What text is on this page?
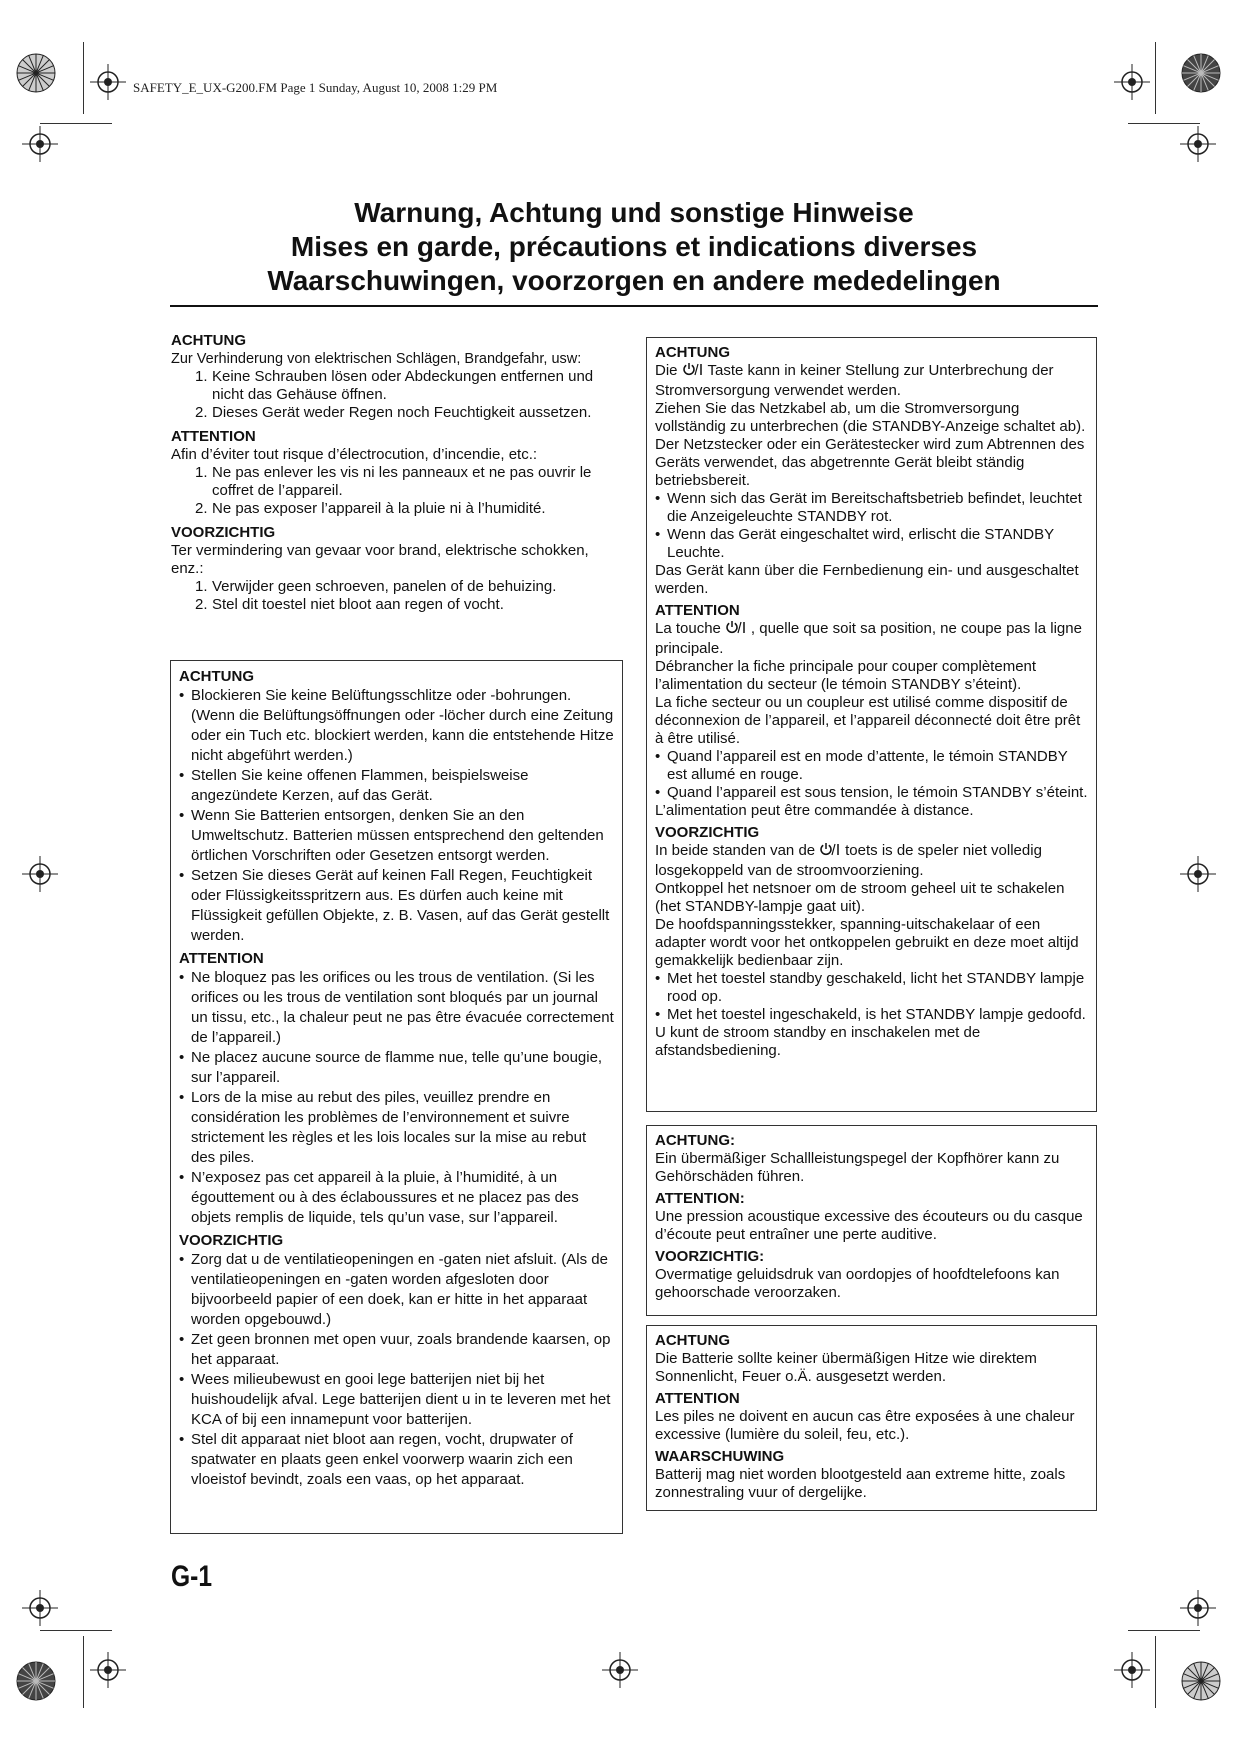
SAFETY_E_UX-G200.FM Page 1 Sunday, August 10, 2008 1:29 PM
Warnung, Achtung und sonstige Hinweise
Mises en garde, précautions et indications diverses
Waarschuwingen, voorzorgen en andere mededelingen

ACHTUNG

Zur Verhinderung von elektrischen Schlägen, Brandgefahr, usw:

1. Keine Schrauben lösen oder Abdeckungen entfernen und nicht das Gehäuse öffnen.

2. Dieses Gerät weder Regen noch Feuchtigkeit aussetzen.

ATTENTION

Afin d’éviter tout risque d’électrocution, d’incendie, etc.:

1. Ne pas enlever les vis ni les panneaux et ne pas ouvrir le coffret de l’appareil.

2. Ne pas exposer l’appareil à la pluie ni à l’humidité.

VOORZICHTIG

Ter vermindering van gevaar voor brand, elektrische schokken, enz.:

1. Verwijder geen schroeven, panelen of de behuizing.

2. Stel dit toestel niet bloot aan regen of vocht.

ACHTUNG

• Blockieren Sie keine Belüftungsschlitze oder -bohrungen. (Wenn die Belüftungsöffnungen oder -löcher durch eine Zeitung oder ein Tuch etc. blockiert werden, kann die entstehende Hitze nicht abgeführt werden.)

• Stellen Sie keine offenen Flammen, beispielsweise angezündete Kerzen, auf das Gerät.

• Wenn Sie Batterien entsorgen, denken Sie an den Umweltschutz. Batterien müssen entsprechend den geltenden örtlichen Vorschriften oder Gesetzen entsorgt werden.

• Setzen Sie dieses Gerät auf keinen Fall Regen, Feuchtigkeit oder Flüssigkeitsspritzern aus. Es dürfen auch keine mit Flüssigkeit gefüllen Objekte, z. B. Vasen, auf das Gerät gestellt werden.

ATTENTION

• Ne bloquez pas les orifices ou les trous de ventilation. (Si les orifices ou les trous de ventilation sont bloqués par un journal un tissu, etc., la chaleur peut ne pas être évacuée correctement de l’appareil.)

• Ne placez aucune source de flamme nue, telle qu’une bougie, sur l’appareil.

• Lors de la mise au rebut des piles, veuillez prendre en considération les problèmes de l’environnement et suivre strictement les règles et les lois locales sur la mise au rebut des piles.

• N’exposez pas cet appareil à la pluie, à l’humidité, à un égouttement ou à des éclaboussures et ne placez pas des objets remplis de liquide, tels qu’un vase, sur l’appareil.

VOORZICHTIG

• Zorg dat u de ventilatieopeningen en -gaten niet afsluit. (Als de ventilatieopeningen en -gaten worden afgesloten door bijvoorbeeld papier of een doek, kan er hitte in het apparaat worden opgebouwd.)

• Zet geen bronnen met open vuur, zoals brandende kaarsen, op het apparaat.

• Wees milieubewust en gooi lege batterijen niet bij het huishoudelijk afval. Lege batterijen dient u in te leveren met het KCA of bij een innamepunt voor batterijen.

• Stel dit apparaat niet bloot aan regen, vocht, drupwater of spatwater en plaats geen enkel voorwerp waarin zich een vloeistof bevindt, zoals een vaas, op het apparaat.

ACHTUNG

Die Taste kann in keiner Stellung zur Unterbrechung der Stromversorgung verwendet werden.

Ziehen Sie das Netzkabel ab, um die Stromversorgung vollständig zu unterbrechen (die STANDBY-Anzeige schaltet ab).

Der Netzstecker oder ein Gerätestecker wird zum Abtrennen des Geräts verwendet, das abgetrennte Gerät bleibt ständig betriebsbereit.

• Wenn sich das Gerät im Bereitschaftsbetrieb befindet, leuchtet die Anzeigeleuchte STANDBY rot.

• Wenn das Gerät eingeschaltet wird, erlischt die STANDBY Leuchte.

Das Gerät kann über die Fernbedienung ein- und ausgeschaltet werden.

ATTENTION

La touche , quelle que soit sa position, ne coupe pas la ligne principale.

Débrancher la fiche principale pour couper complètement l’alimentation du secteur (le témoin STANDBY s’éteint).

La fiche secteur ou un coupleur est utilisé comme dispositif de déconnexion de l’appareil, et l’appareil déconnecté doit être prêt à être utilisé.

• Quand l’appareil est en mode d’attente, le témoin STANDBY est allumé en rouge.

• Quand l’appareil est sous tension, le témoin STANDBY s’éteint.

L’alimentation peut être commandée à distance.

VOORZICHTIG

In beide standen van de toets is de speler niet volledig losgekoppeld van de stroomvoorziening.

Ontkoppel het netsnoer om de stroom geheel uit te schakelen (het STANDBY-lampje gaat uit).

De hoofdspanningsstekker, spanning-uitschakelaar of een adapter wordt voor het ontkoppelen gebruikt en deze moet altijd gemakkelijk bedienbaar zijn.

• Met het toestel standby geschakeld, licht het STANDBY lampje rood op.

• Met het toestel ingeschakeld, is het STANDBY lampje gedoofd.

U kunt de stroom standby en inschakelen met de afstandsbediening.

ACHTUNG:

Ein übermäßiger Schallleistungspegel der Kopfhörer kann zu Gehörschäden führen.

ATTENTION:

Une pression acoustique excessive des écouteurs ou du casque d’écoute peut entraîner une perte auditive.

VOORZICHTIG:

Overmatige geluidsdruk van oordopjes of hoofdtelefoons kan gehoorschade veroorzaken.

ACHTUNG

Die Batterie sollte keiner übermäßigen Hitze wie direktem Sonnenlicht, Feuer o.Ä. ausgesetzt werden.

ATTENTION

Les piles ne doivent en aucun cas être exposées à une chaleur excessive (lumière du soleil, feu, etc.).

WAARSCHUWING

Batterij mag niet worden blootgesteld aan extreme hitte, zoals zonnestraling vuur of dergelijke.

G-1
